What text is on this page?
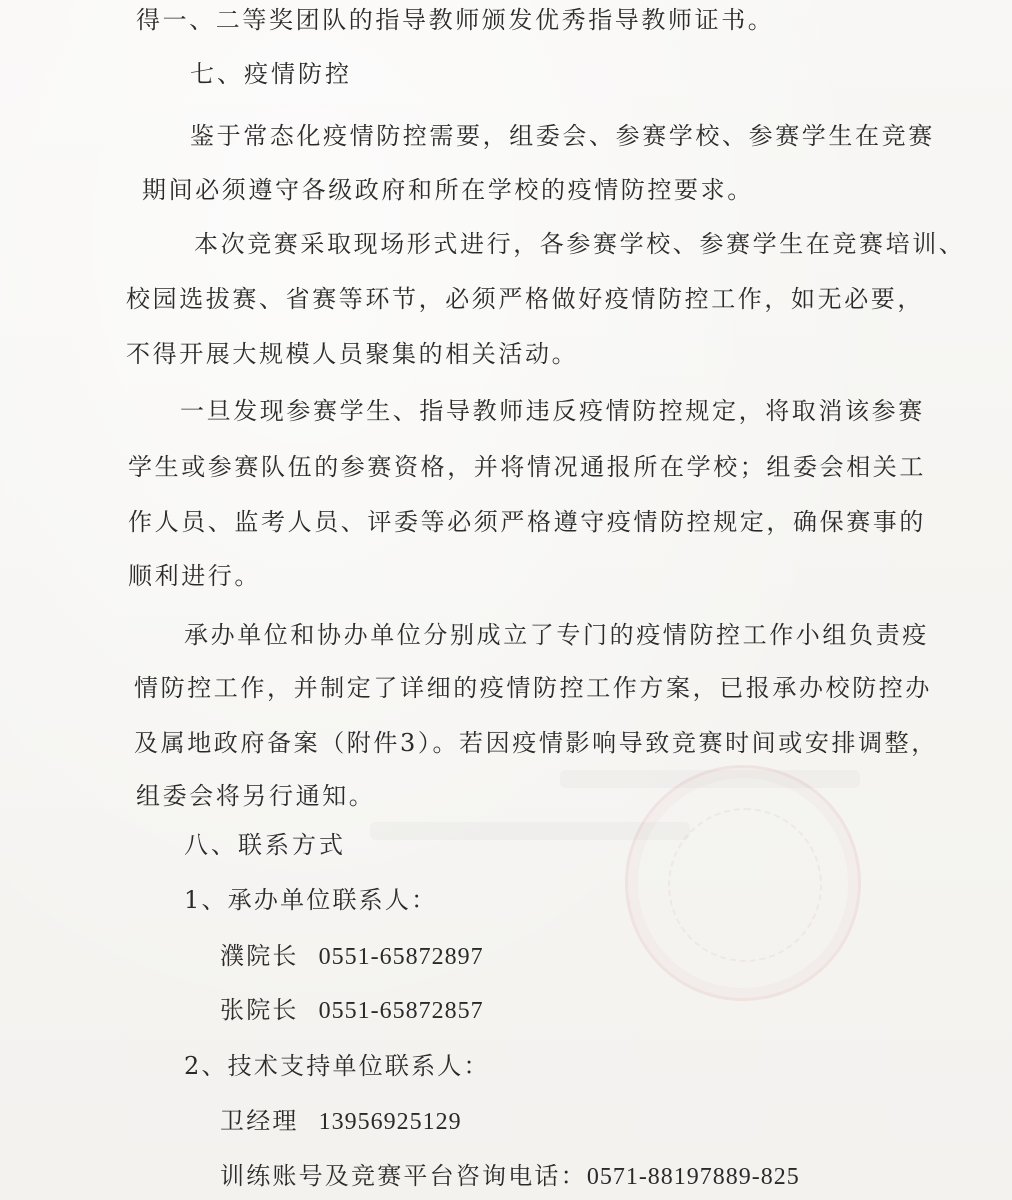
得一、二等奖团队的指导教师颁发优秀指导教师证书。
七、疫情防控
鉴于常态化疫情防控需要，组委会、参赛学校、参赛学生在竞赛
期间必须遵守各级政府和所在学校的疫情防控要求。
本次竞赛采取现场形式进行，各参赛学校、参赛学生在竞赛培训、
校园选拔赛、省赛等环节，必须严格做好疫情防控工作，如无必要，
不得开展大规模人员聚集的相关活动。
一旦发现参赛学生、指导教师违反疫情防控规定，将取消该参赛
学生或参赛队伍的参赛资格，并将情况通报所在学校；组委会相关工
作人员、监考人员、评委等必须严格遵守疫情防控规定，确保赛事的
顺利进行。
承办单位和协办单位分别成立了专门的疫情防控工作小组负责疫
情防控工作，并制定了详细的疫情防控工作方案，已报承办校防控办
及属地政府备案（附件3）。若因疫情影响导致竞赛时间或安排调整，
组委会将另行通知。
八、联系方式
1、承办单位联系人：
濮院长 0551-65872897
张院长 0551-65872857
2、技术支持单位联系人：
卫经理 13956925129
训练账号及竞赛平台咨询电话：0571-88197889-825
